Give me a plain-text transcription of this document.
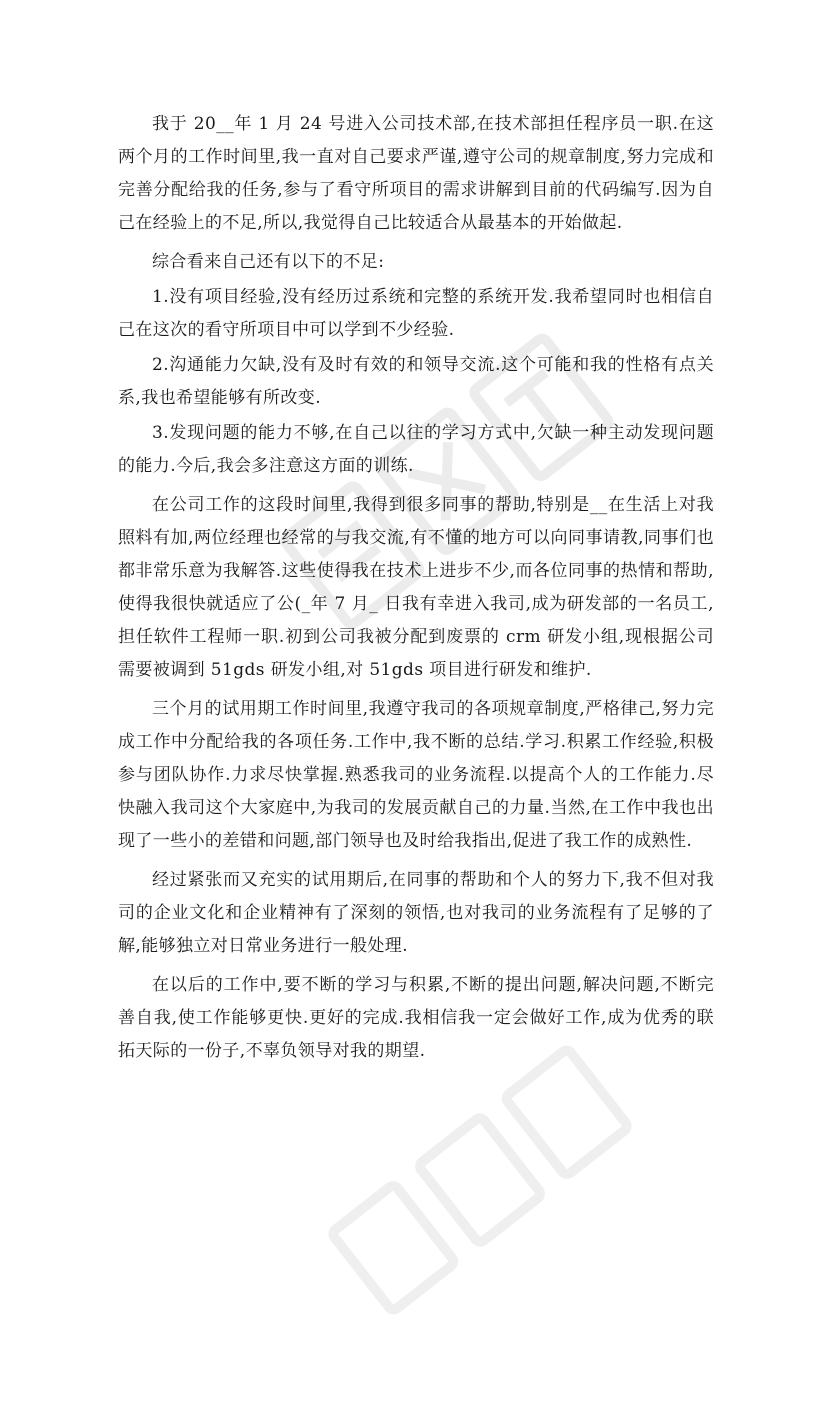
我于 20__年 1 月 24 号进入公司技术部,在技术部担任程序员一职.在这两个月的工作时间里,我一直对自己要求严谨,遵守公司的规章制度,努力完成和完善分配给我的任务,参与了看守所项目的需求讲解到目前的代码编写.因为自己在经验上的不足,所以,我觉得自己比较适合从最基本的开始做起.

综合看来自己还有以下的不足:

1.没有项目经验,没有经历过系统和完整的系统开发.我希望同时也相信自己在这次的看守所项目中可以学到不少经验.

2.沟通能力欠缺,没有及时有效的和领导交流.这个可能和我的性格有点关系,我也希望能够有所改变.

3.发现问题的能力不够,在自己以往的学习方式中,欠缺一种主动发现问题的能力.今后,我会多注意这方面的训练.

在公司工作的这段时间里,我得到很多同事的帮助,特别是__在生活上对我照料有加,两位经理也经常的与我交流,有不懂的地方可以向同事请教,同事们也都非常乐意为我解答.这些使得我在技术上进步不少,而各位同事的热情和帮助,使得我很快就适应了公(_年 7 月_ 日我有幸进入我司,成为研发部的一名员工,担任软件工程师一职.初到公司我被分配到废票的 crm 研发小组,现根据公司需要被调到 51gds 研发小组,对 51gds 项目进行研发和维护.

三个月的试用期工作时间里,我遵守我司的各项规章制度,严格律己,努力完成工作中分配给我的各项任务.工作中,我不断的总结.学习.积累工作经验,积极参与团队协作.力求尽快掌握.熟悉我司的业务流程.以提高个人的工作能力.尽快融入我司这个大家庭中,为我司的发展贡献自己的力量.当然,在工作中我也出现了一些小的差错和问题,部门领导也及时给我指出,促进了我工作的成熟性.

经过紧张而又充实的试用期后,在同事的帮助和个人的努力下,我不但对我司的企业文化和企业精神有了深刻的领悟,也对我司的业务流程有了足够的了解,能够独立对日常业务进行一般处理.

在以后的工作中,要不断的学习与积累,不断的提出问题,解决问题,不断完善自我,使工作能够更快.更好的完成.我相信我一定会做好工作,成为优秀的联拓天际的一份子,不辜负领导对我的期望.
